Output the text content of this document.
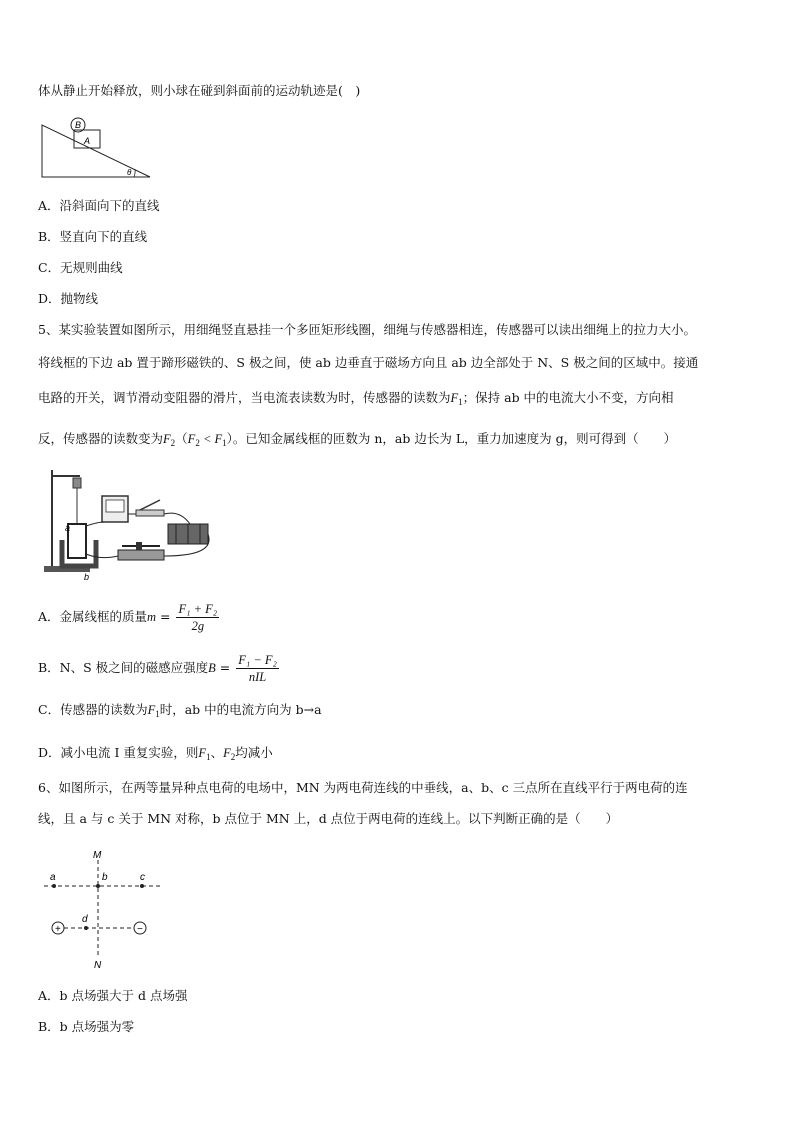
体从静止开始释放，则小球在碰到斜面前的运动轨迹是(　)
B
A
θ
A．沿斜面向下的直线
B．竖直向下的直线
C．无规则曲线
D．抛物线
5、某实验装置如图所示，用细绳竖直悬挂一个多匝矩形线圈，细绳与传感器相连，传感器可以读出细绳上的拉力大小。
将线框的下边 ab 置于蹄形磁铁的、S 极之间，使 ab 边垂直于磁场方向且 ab 边全部处于 N、S 极之间的区域中。接通
电路的开关，调节滑动变阻器的滑片，当电流表读数为时，传感器的读数为$F_1$；保持 ab 中的电流大小不变，方向相
反，传感器的读数变为$F_2(F_2 < F_1)$。已知金属线框的匝数为 n，ab 边长为 L，重力加速度为 g，则可得到（　　）
a
b
A．金属线框的质量$m = \frac{\text{F₁ + F₂}}{2g}$
B．N、S 极之间的磁感应强度$B = \frac{\text{F₁ − F₂}}{\text{nIL}}$
C．传感器的读数为$F_1$时，ab 中的电流方向为 b→a
D．减小电流 I 重复实验，则$F_1$、$F_2$均减小
6、如图所示，在两等量异种点电荷的电场中，MN 为两电荷连线的中垂线，a、b、c 三点所在直线平行于两电荷的连
线，且 a 与 c 关于 MN 对称，b 点位于 MN 上，d 点位于两电荷的连线上。以下判断正确的是（　　）
M
N
a	b	c
d
+	−
A．b 点场强大于 d 点场强
B．b 点场强为零
